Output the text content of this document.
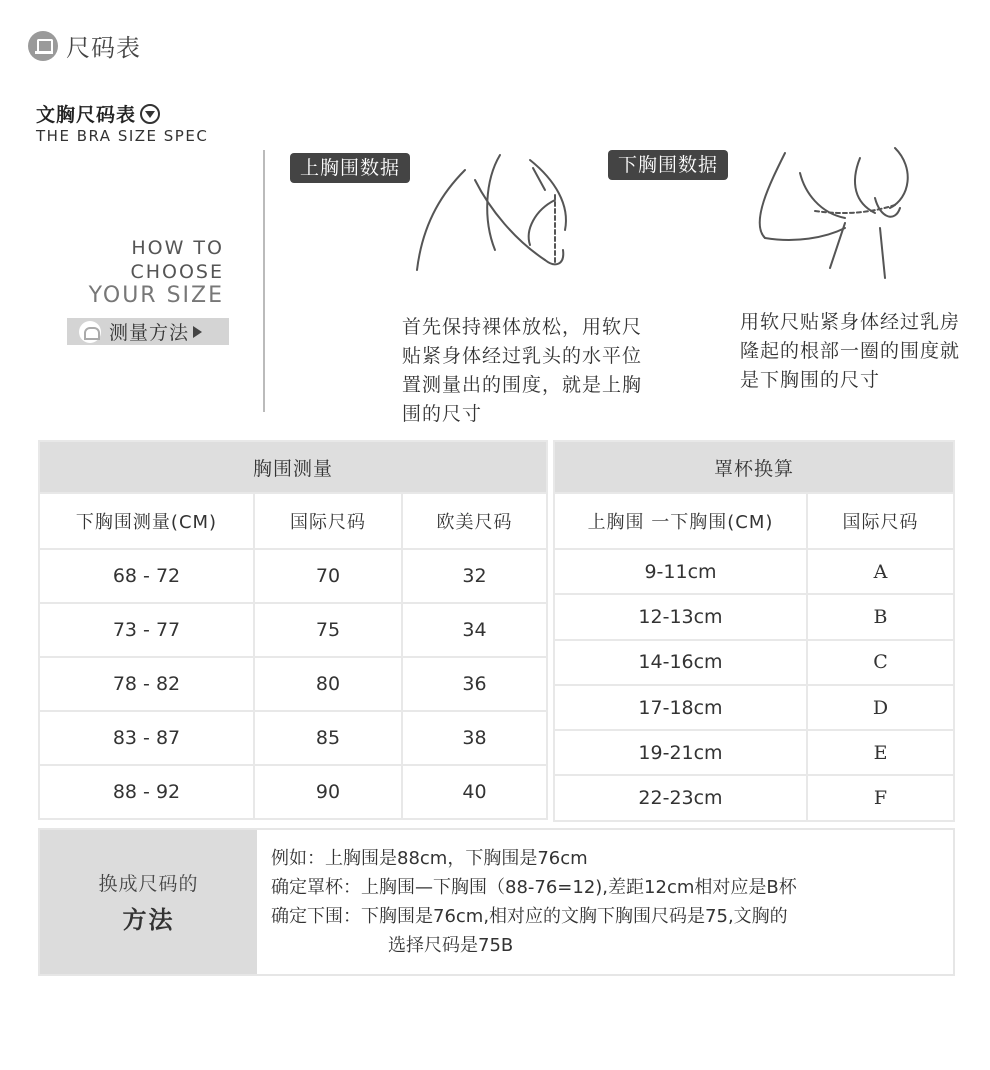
尺码表
文胸尺码表
THE BRA SIZE SPEC
HOW TO
CHOOSE
YOUR SIZE
测量方法
上胸围数据	下胸围数据
首先保持裸体放松，用软尺贴紧身体经过乳头的水平位置测量出的围度，就是上胸围的尺寸
用软尺贴紧身体经过乳房隆起的根部一圈的围度就是下胸围的尺寸
胸围测量		
下胸围测量(CM)	国际尺码	欧美尺码
68 - 72	70	32
73 - 77	75	34
78 - 82	80	36
83 - 87	85	38
88 - 92	90	40
罩杯换算	
上胸围 一下胸围(CM)	国际尺码
9-11cm	A
12-13cm	B
14-16cm	C
17-18cm	D
19-21cm	E
22-23cm	F
换成尺码的
方法
例如：上胸围是88cm，下胸围是76cm
确定罩杯：上胸围—下胸围（88-76=12),差距12cm相对应是B杯
确定下围：下胸围是76cm,相对应的文胸下胸围尺码是75,文胸的
选择尺码是75B
